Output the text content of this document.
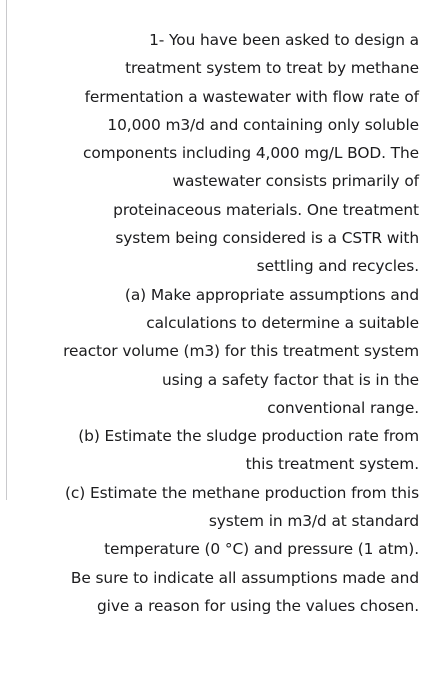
1- You have been asked to design a
treatment system to treat by methane
fermentation a wastewater with flow rate of
10,000 m3/d and containing only soluble
components including 4,000 mg/L BOD. The
wastewater consists primarily of
proteinaceous materials. One treatment
system being considered is a CSTR with
settling and recycles.
(a) Make appropriate assumptions and
calculations to determine a suitable
reactor volume (m3) for this treatment system
using a safety factor that is in the
conventional range.
(b) Estimate the sludge production rate from
this treatment system.
(c) Estimate the methane production from this
system in m3/d at standard
temperature (0 °C) and pressure (1 atm).
Be sure to indicate all assumptions made and
give a reason for using the values chosen.
